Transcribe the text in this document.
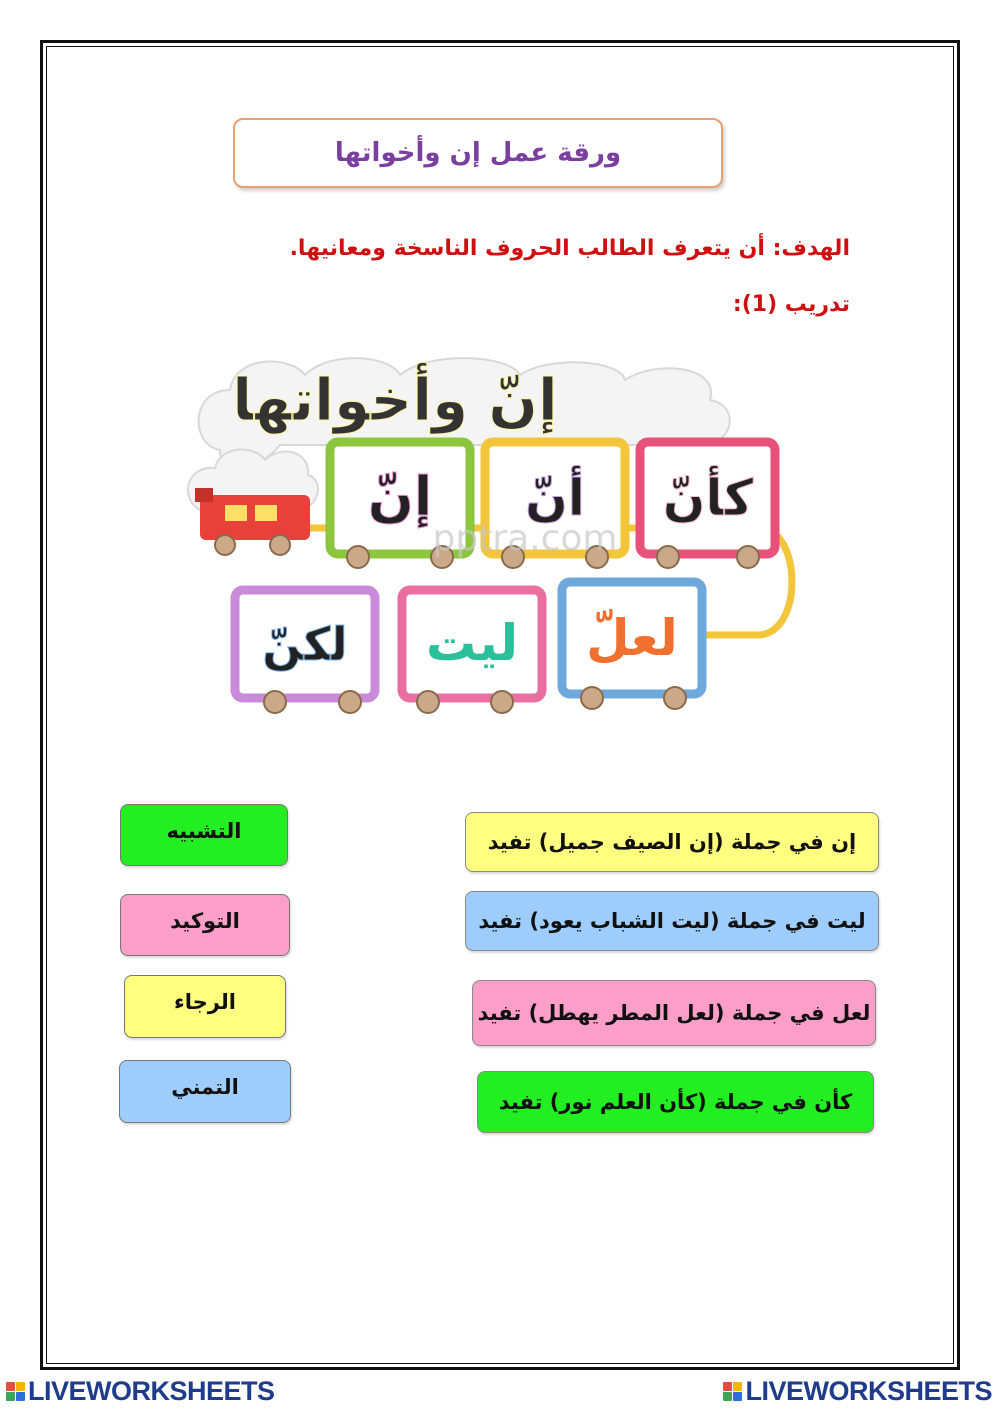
ورقة عمل إن وأخواتها
الهدف: أن يتعرف الطالب الحروف الناسخة ومعانيها.
تدريب (1):
إنّ وأخواتها
pptra.com
كأنّ
أنّ
إنّ
لعلّ
ليت
لكنّ
إن في جملة (إن الصيف جميل) تفيد
ليت في جملة (ليت الشباب يعود) تفيد
لعل في جملة (لعل المطر يهطل) تفيد
كأن في جملة (كأن العلم نور) تفيد
التشبيه
التوكيد
الرجاء
التمني
LIVEWORKSHEETS	LIVEWORKSHEETS
